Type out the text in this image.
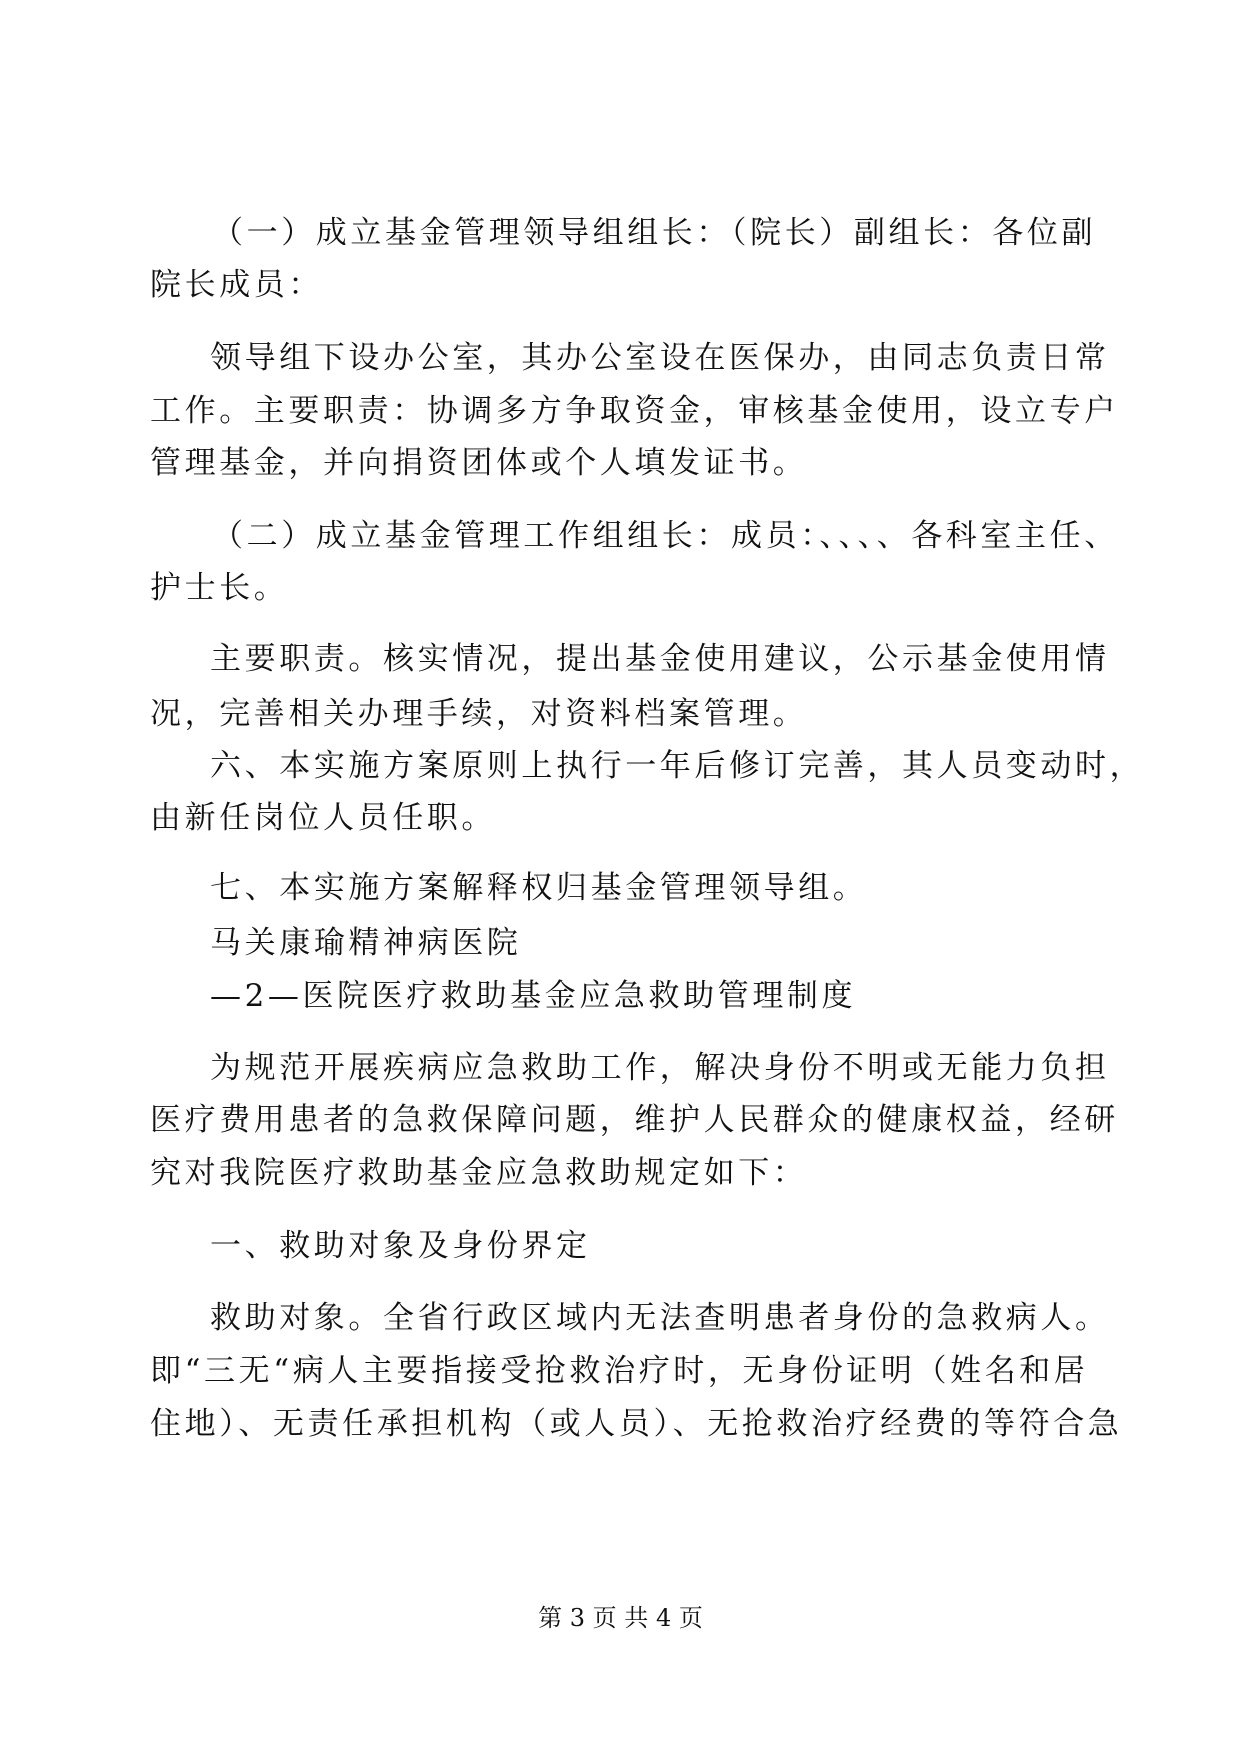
（一）成立基金管理领导组组长：（院长）副组长：各位副
院长成员：
领导组下设办公室，其办公室设在医保办，由同志负责日常
工作。主要职责：协调多方争取资金，审核基金使用，设立专户
管理基金，并向捐资团体或个人填发证书。
（二）成立基金管理工作组组长：成员：、、、、各科室主任、
护士长。
主要职责。核实情况，提出基金使用建议，公示基金使用情
况，完善相关办理手续，对资料档案管理。
六、本实施方案原则上执行一年后修订完善，其人员变动时，
由新任岗位人员任职。
七、本实施方案解释权归基金管理领导组。
马关康瑜精神病医院
—2—医院医疗救助基金应急救助管理制度
为规范开展疾病应急救助工作，解决身份不明或无能力负担
医疗费用患者的急救保障问题，维护人民群众的健康权益，经研
究对我院医疗救助基金应急救助规定如下：
一、救助对象及身份界定
救助对象。全省行政区域内无法查明患者身份的急救病人。
即“三无“病人主要指接受抢救治疗时，无身份证明（姓名和居
住地）、无责任承担机构（或人员）、无抢救治疗经费的等符合急
第 3 页 共 4 页
